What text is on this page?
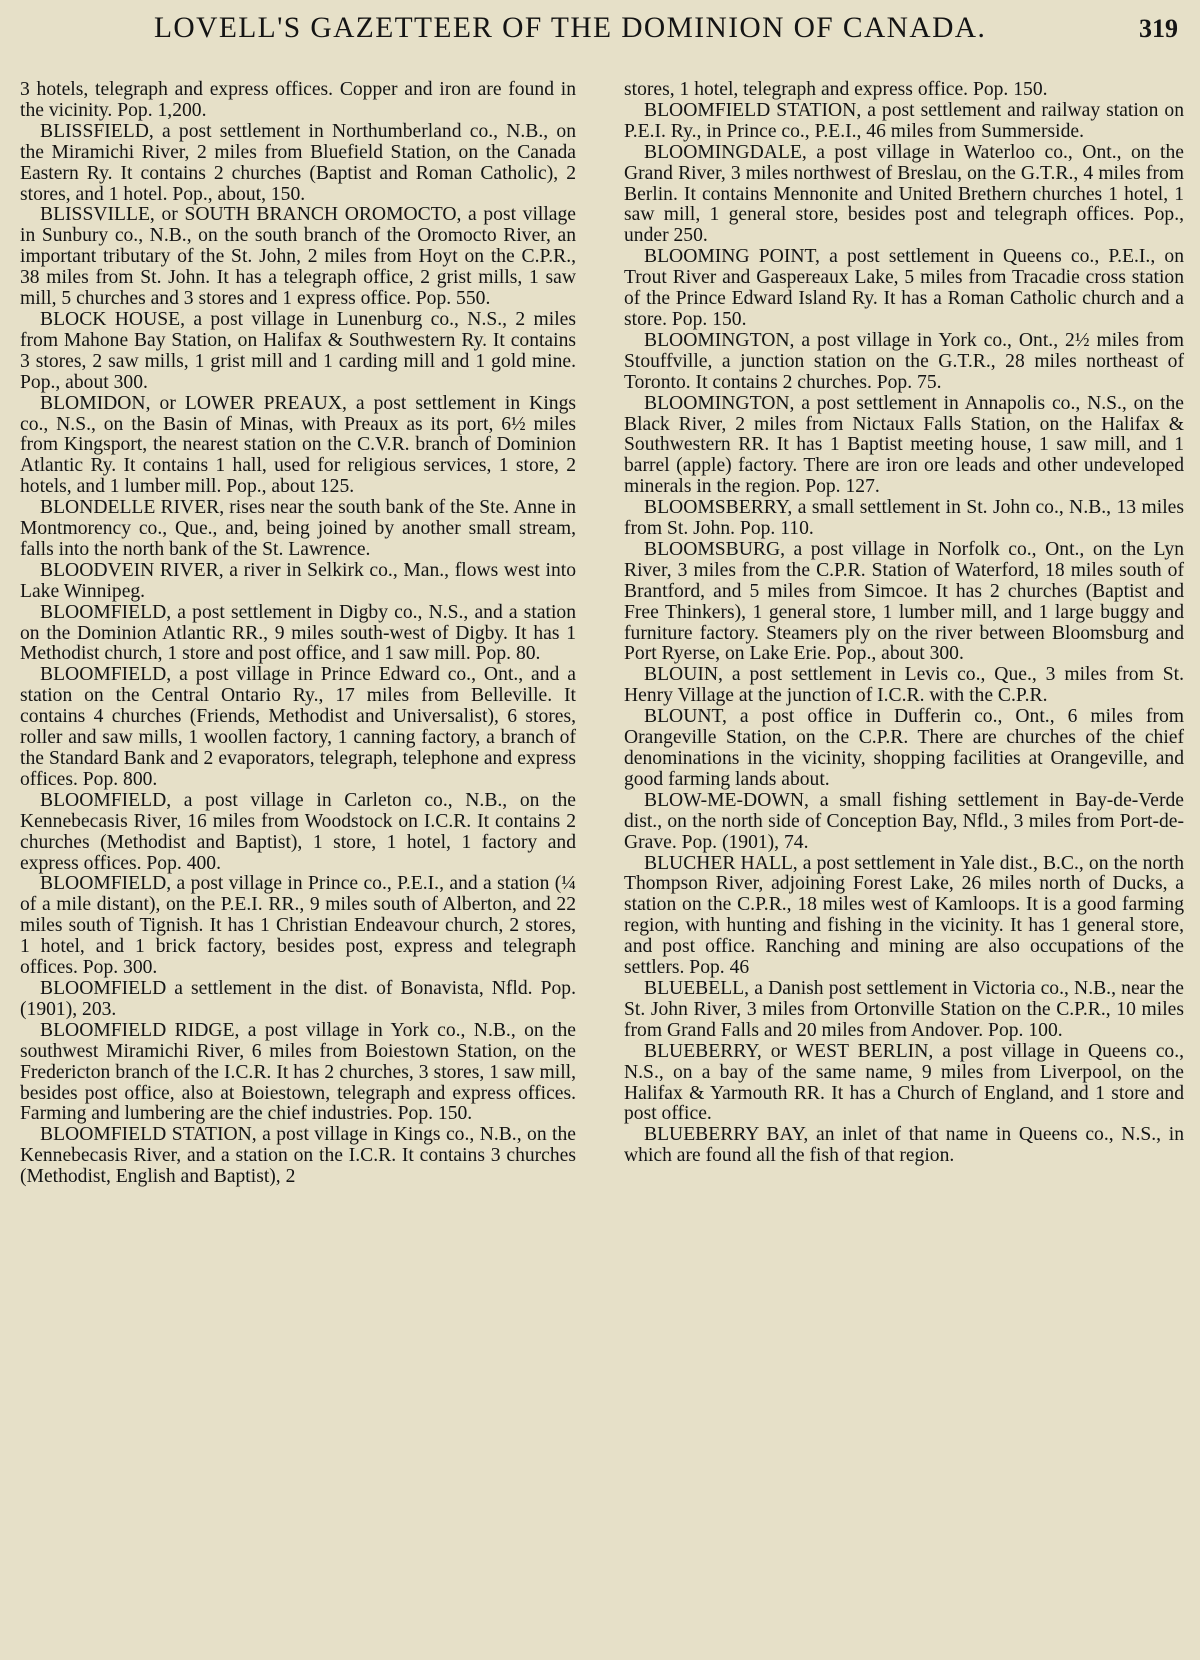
LOVELL'S GAZETTEER OF THE DOMINION OF CANADA.	319

3 hotels, telegraph and express offices. Copper and iron are found in the vicinity. Pop. 1,200.

BLISSFIELD, a post settlement in Northumberland co., N.B., on the Miramichi River, 2 miles from Bluefield Station, on the Canada Eastern Ry. It contains 2 churches (Baptist and Roman Catholic), 2 stores, and 1 hotel. Pop., about, 150.

BLISSVILLE, or SOUTH BRANCH OROMOCTO, a post village in Sunbury co., N.B., on the south branch of the Oromocto River, an important tributary of the St. John, 2 miles from Hoyt on the C.P.R., 38 miles from St. John. It has a telegraph office, 2 grist mills, 1 saw mill, 5 churches and 3 stores and 1 express office. Pop. 550.

BLOCK HOUSE, a post village in Lunenburg co., N.S., 2 miles from Mahone Bay Station, on Halifax & Southwestern Ry. It contains 3 stores, 2 saw mills, 1 grist mill and 1 carding mill and 1 gold mine. Pop., about 300.

BLOMIDON, or LOWER PREAUX, a post settlement in Kings co., N.S., on the Basin of Minas, with Preaux as its port, 6½ miles from Kingsport, the nearest station on the C.V.R. branch of Dominion Atlantic Ry. It contains 1 hall, used for religious services, 1 store, 2 hotels, and 1 lumber mill. Pop., about 125.

BLONDELLE RIVER, rises near the south bank of the Ste. Anne in Montmorency co., Que., and, being joined by another small stream, falls into the north bank of the St. Lawrence.

BLOODVEIN RIVER, a river in Selkirk co., Man., flows west into Lake Winnipeg.

BLOOMFIELD, a post settlement in Digby co., N.S., and a station on the Dominion Atlantic RR., 9 miles south-west of Digby. It has 1 Methodist church, 1 store and post office, and 1 saw mill. Pop. 80.

BLOOMFIELD, a post village in Prince Edward co., Ont., and a station on the Central Ontario Ry., 17 miles from Belleville. It contains 4 churches (Friends, Methodist and Universalist), 6 stores, roller and saw mills, 1 woollen factory, 1 canning factory, a branch of the Standard Bank and 2 evaporators, telegraph, telephone and express offices. Pop. 800.

BLOOMFIELD, a post village in Carleton co., N.B., on the Kennebecasis River, 16 miles from Woodstock on I.C.R. It contains 2 churches (Methodist and Baptist), 1 store, 1 hotel, 1 factory and express offices. Pop. 400.

BLOOMFIELD, a post village in Prince co., P.E.I., and a station (¼ of a mile distant), on the P.E.I. RR., 9 miles south of Alberton, and 22 miles south of Tignish. It has 1 Christian Endeavour church, 2 stores, 1 hotel, and 1 brick factory, besides post, express and telegraph offices. Pop. 300.

BLOOMFIELD a settlement in the dist. of Bonavista, Nfld. Pop. (1901), 203.

BLOOMFIELD RIDGE, a post village in York co., N.B., on the southwest Miramichi River, 6 miles from Boiestown Station, on the Fredericton branch of the I.C.R. It has 2 churches, 3 stores, 1 saw mill, besides post office, also at Boiestown, telegraph and express offices. Farming and lumbering are the chief industries. Pop. 150.

BLOOMFIELD STATION, a post village in Kings co., N.B., on the Kennebecasis River, and a station on the I.C.R. It contains 3 churches (Methodist, English and Baptist), 2

stores, 1 hotel, telegraph and express office. Pop. 150.

BLOOMFIELD STATION, a post settlement and railway station on P.E.I. Ry., in Prince co., P.E.I., 46 miles from Summerside.

BLOOMINGDALE, a post village in Waterloo co., Ont., on the Grand River, 3 miles northwest of Breslau, on the G.T.R., 4 miles from Berlin. It contains Mennonite and United Brethern churches 1 hotel, 1 saw mill, 1 general store, besides post and telegraph offices. Pop., under 250.

BLOOMING POINT, a post settlement in Queens co., P.E.I., on Trout River and Gaspereaux Lake, 5 miles from Tracadie cross station of the Prince Edward Island Ry. It has a Roman Catholic church and a store. Pop. 150.

BLOOMINGTON, a post village in York co., Ont., 2½ miles from Stouffville, a junction station on the G.T.R., 28 miles northeast of Toronto. It contains 2 churches. Pop. 75.

BLOOMINGTON, a post settlement in Annapolis co., N.S., on the Black River, 2 miles from Nictaux Falls Station, on the Halifax & Southwestern RR. It has 1 Baptist meeting house, 1 saw mill, and 1 barrel (apple) factory. There are iron ore leads and other undeveloped minerals in the region. Pop. 127.

BLOOMSBERRY, a small settlement in St. John co., N.B., 13 miles from St. John. Pop. 110.

BLOOMSBURG, a post village in Norfolk co., Ont., on the Lyn River, 3 miles from the C.P.R. Station of Waterford, 18 miles south of Brantford, and 5 miles from Simcoe. It has 2 churches (Baptist and Free Thinkers), 1 general store, 1 lumber mill, and 1 large buggy and furniture factory. Steamers ply on the river between Bloomsburg and Port Ryerse, on Lake Erie. Pop., about 300.

BLOUIN, a post settlement in Levis co., Que., 3 miles from St. Henry Village at the junction of I.C.R. with the C.P.R.

BLOUNT, a post office in Dufferin co., Ont., 6 miles from Orangeville Station, on the C.P.R. There are churches of the chief denominations in the vicinity, shopping facilities at Orangeville, and good farming lands about.

BLOW-ME-DOWN, a small fishing settlement in Bay-de-Verde dist., on the north side of Conception Bay, Nfld., 3 miles from Port-de-Grave. Pop. (1901), 74.

BLUCHER HALL, a post settlement in Yale dist., B.C., on the north Thompson River, adjoining Forest Lake, 26 miles north of Ducks, a station on the C.P.R., 18 miles west of Kamloops. It is a good farming region, with hunting and fishing in the vicinity. It has 1 general store, and post office. Ranching and mining are also occupations of the settlers. Pop. 46

BLUEBELL, a Danish post settlement in Victoria co., N.B., near the St. John River, 3 miles from Ortonville Station on the C.P.R., 10 miles from Grand Falls and 20 miles from Andover. Pop. 100.

BLUEBERRY, or WEST BERLIN, a post village in Queens co., N.S., on a bay of the same name, 9 miles from Liverpool, on the Halifax & Yarmouth RR. It has a Church of England, and 1 store and post office.

BLUEBERRY BAY, an inlet of that name in Queens co., N.S., in which are found all the fish of that region.
